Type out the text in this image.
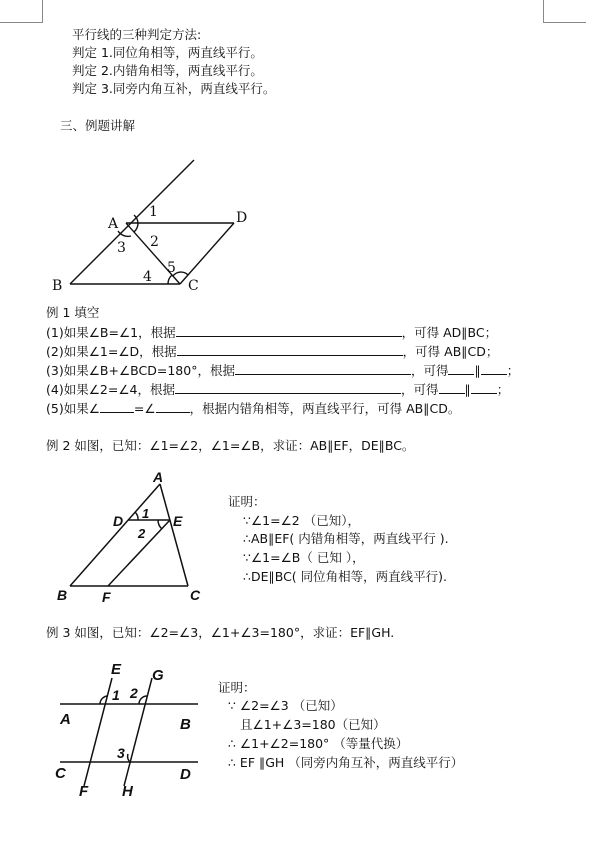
平行线的三种判定方法:
判定 1.同位角相等，两直线平行。
判定 2.内错角相等，两直线平行。
判定 3.同旁内角互补，两直线平行。
三、例题讲解
A	D
B	C
1
2
3
4
5
例 1 填空
(1)如果∠B=∠1，根据	，可得 AD∥BC；
(2)如果∠1=∠D，根据	，可得 AB∥CD；
(3)如果∠B+∠BCD=180°，根据	，可得 ∥ ；
(4)如果∠2=∠4，根据	，可得 ∥ ；
(5)如果∠	=∠	，根据内错角相等，两直线平行，可得 AB∥CD。
例 2 如图，已知：∠1=∠2，∠1=∠B，求证：AB∥EF，DE∥BC。
A
D	E
B F	C
1
2
证明：
∵∠1=∠2 （已知），
∴AB∥EF( 内错角相等，两直线平行 ).
∵∠1=∠B（ 已知 ），
∴DE∥BC( 同位角相等，两直线平行).
例 3 如图，已知：∠2=∠3，∠1+∠3=180°，求证：EF∥GH.
E G
A	B
C	D
F H
1 2
3
证明：
∵ ∠2=∠3 （已知）
且∠1+∠3=180（已知）
∴ ∠1+∠2=180° （等量代换）
∴ EF ∥GH （同旁内角互补，两直线平行）
